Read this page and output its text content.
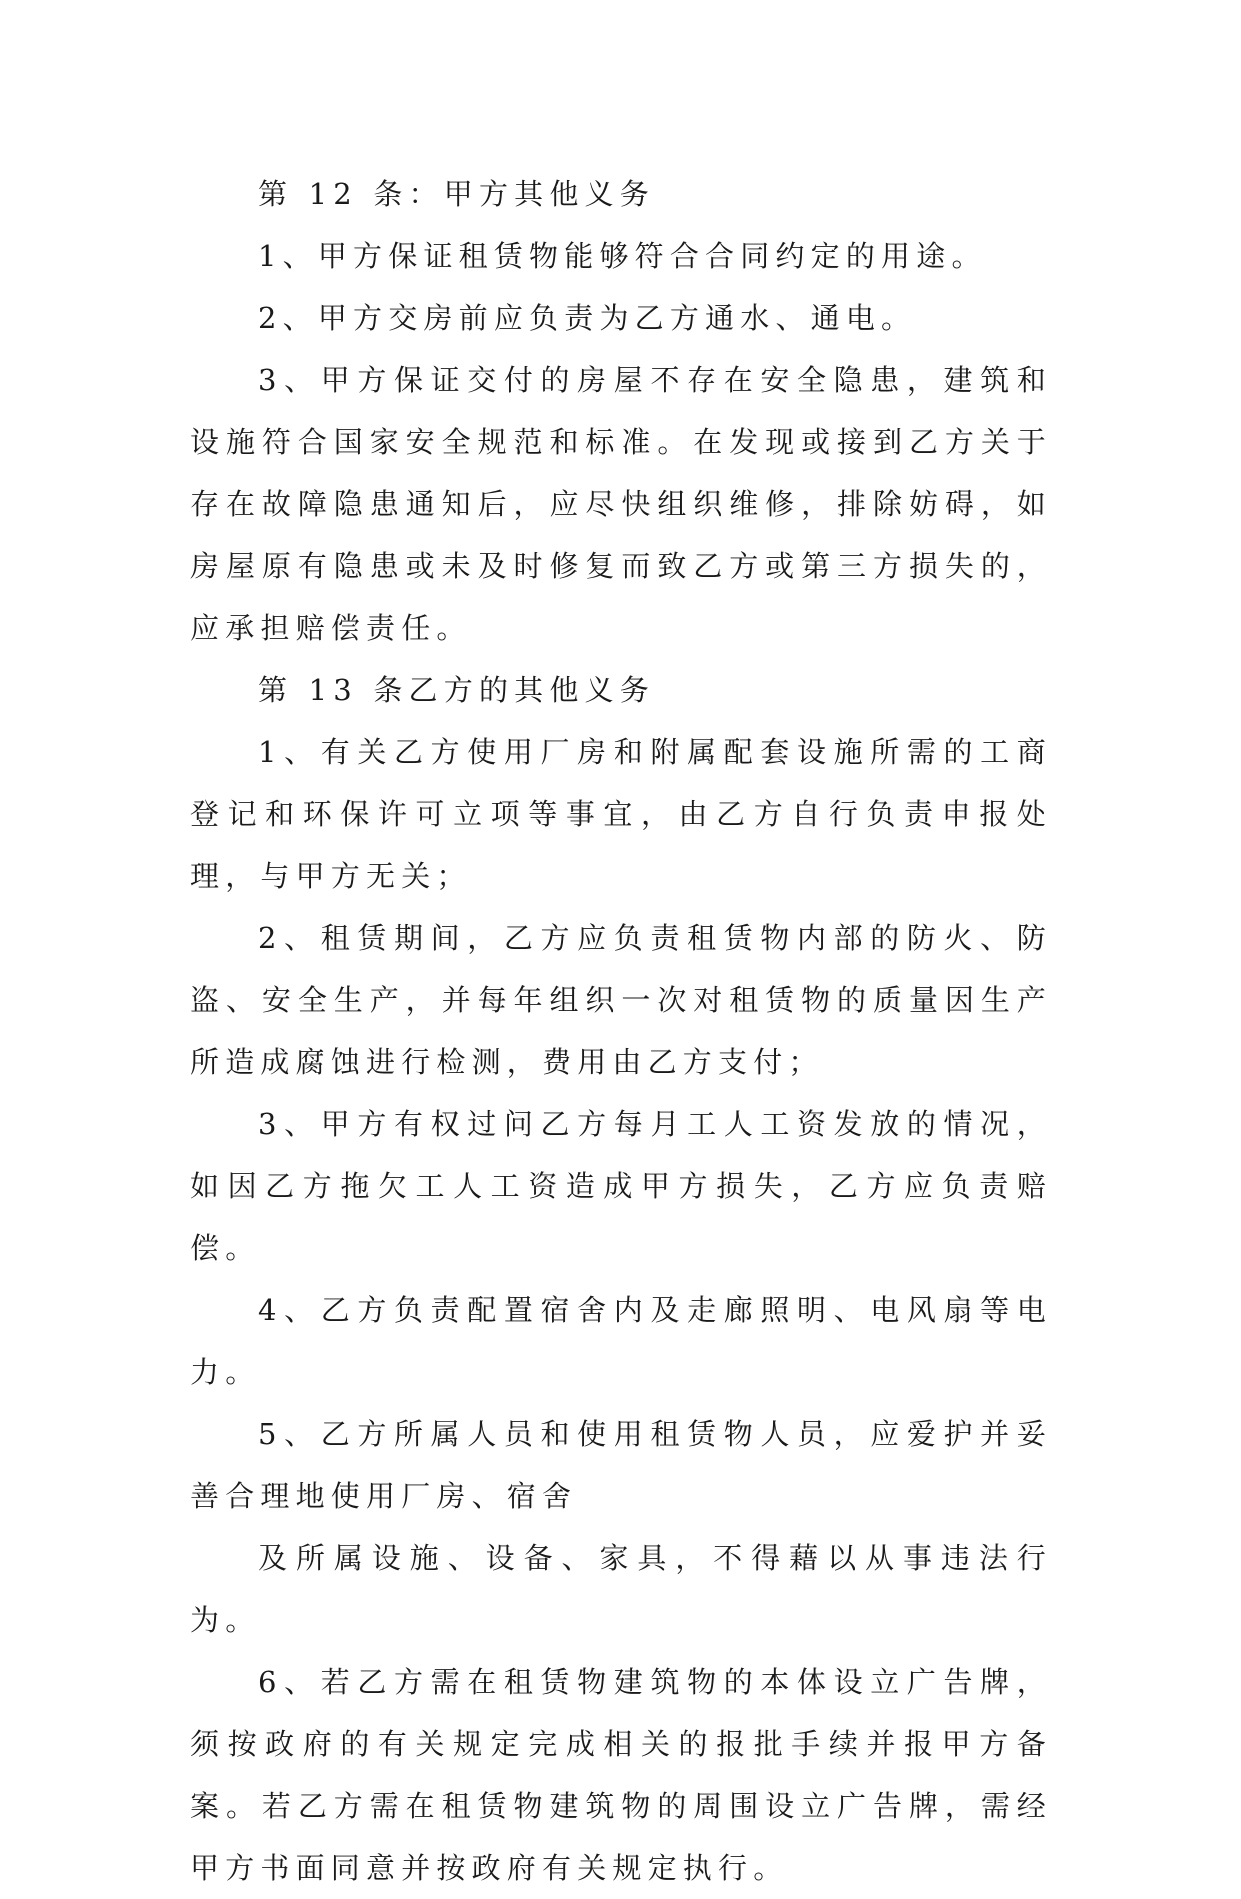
第 12 条：甲方其他义务

1、甲方保证租赁物能够符合合同约定的用途。

2、甲方交房前应负责为乙方通水、通电。

3、甲方保证交付的房屋不存在安全隐患，建筑和设施符合国家安全规范和标准。在发现或接到乙方关于存在故障隐患通知后，应尽快组织维修，排除妨碍，如房屋原有隐患或未及时修复而致乙方或第三方损失的，应承担赔偿责任。

第 13 条乙方的其他义务

1、有关乙方使用厂房和附属配套设施所需的工商登记和环保许可立项等事宜，由乙方自行负责申报处理，与甲方无关；

2、租赁期间，乙方应负责租赁物内部的防火、防盗、安全生产，并每年组织一次对租赁物的质量因生产所造成腐蚀进行检测，费用由乙方支付；

3、甲方有权过问乙方每月工人工资发放的情况，如因乙方拖欠工人工资造成甲方损失，乙方应负责赔偿。

4、乙方负责配置宿舍内及走廊照明、电风扇等电力。

5、乙方所属人员和使用租赁物人员，应爱护并妥善合理地使用厂房、宿舍

及所属设施、设备、家具，不得藉以从事违法行为。

6、若乙方需在租赁物建筑物的本体设立广告牌，须按政府的有关规定完成相关的报批手续并报甲方备案。若乙方需在租赁物建筑物的周围设立广告牌，需经甲方书面同意并按政府有关规定执行。
